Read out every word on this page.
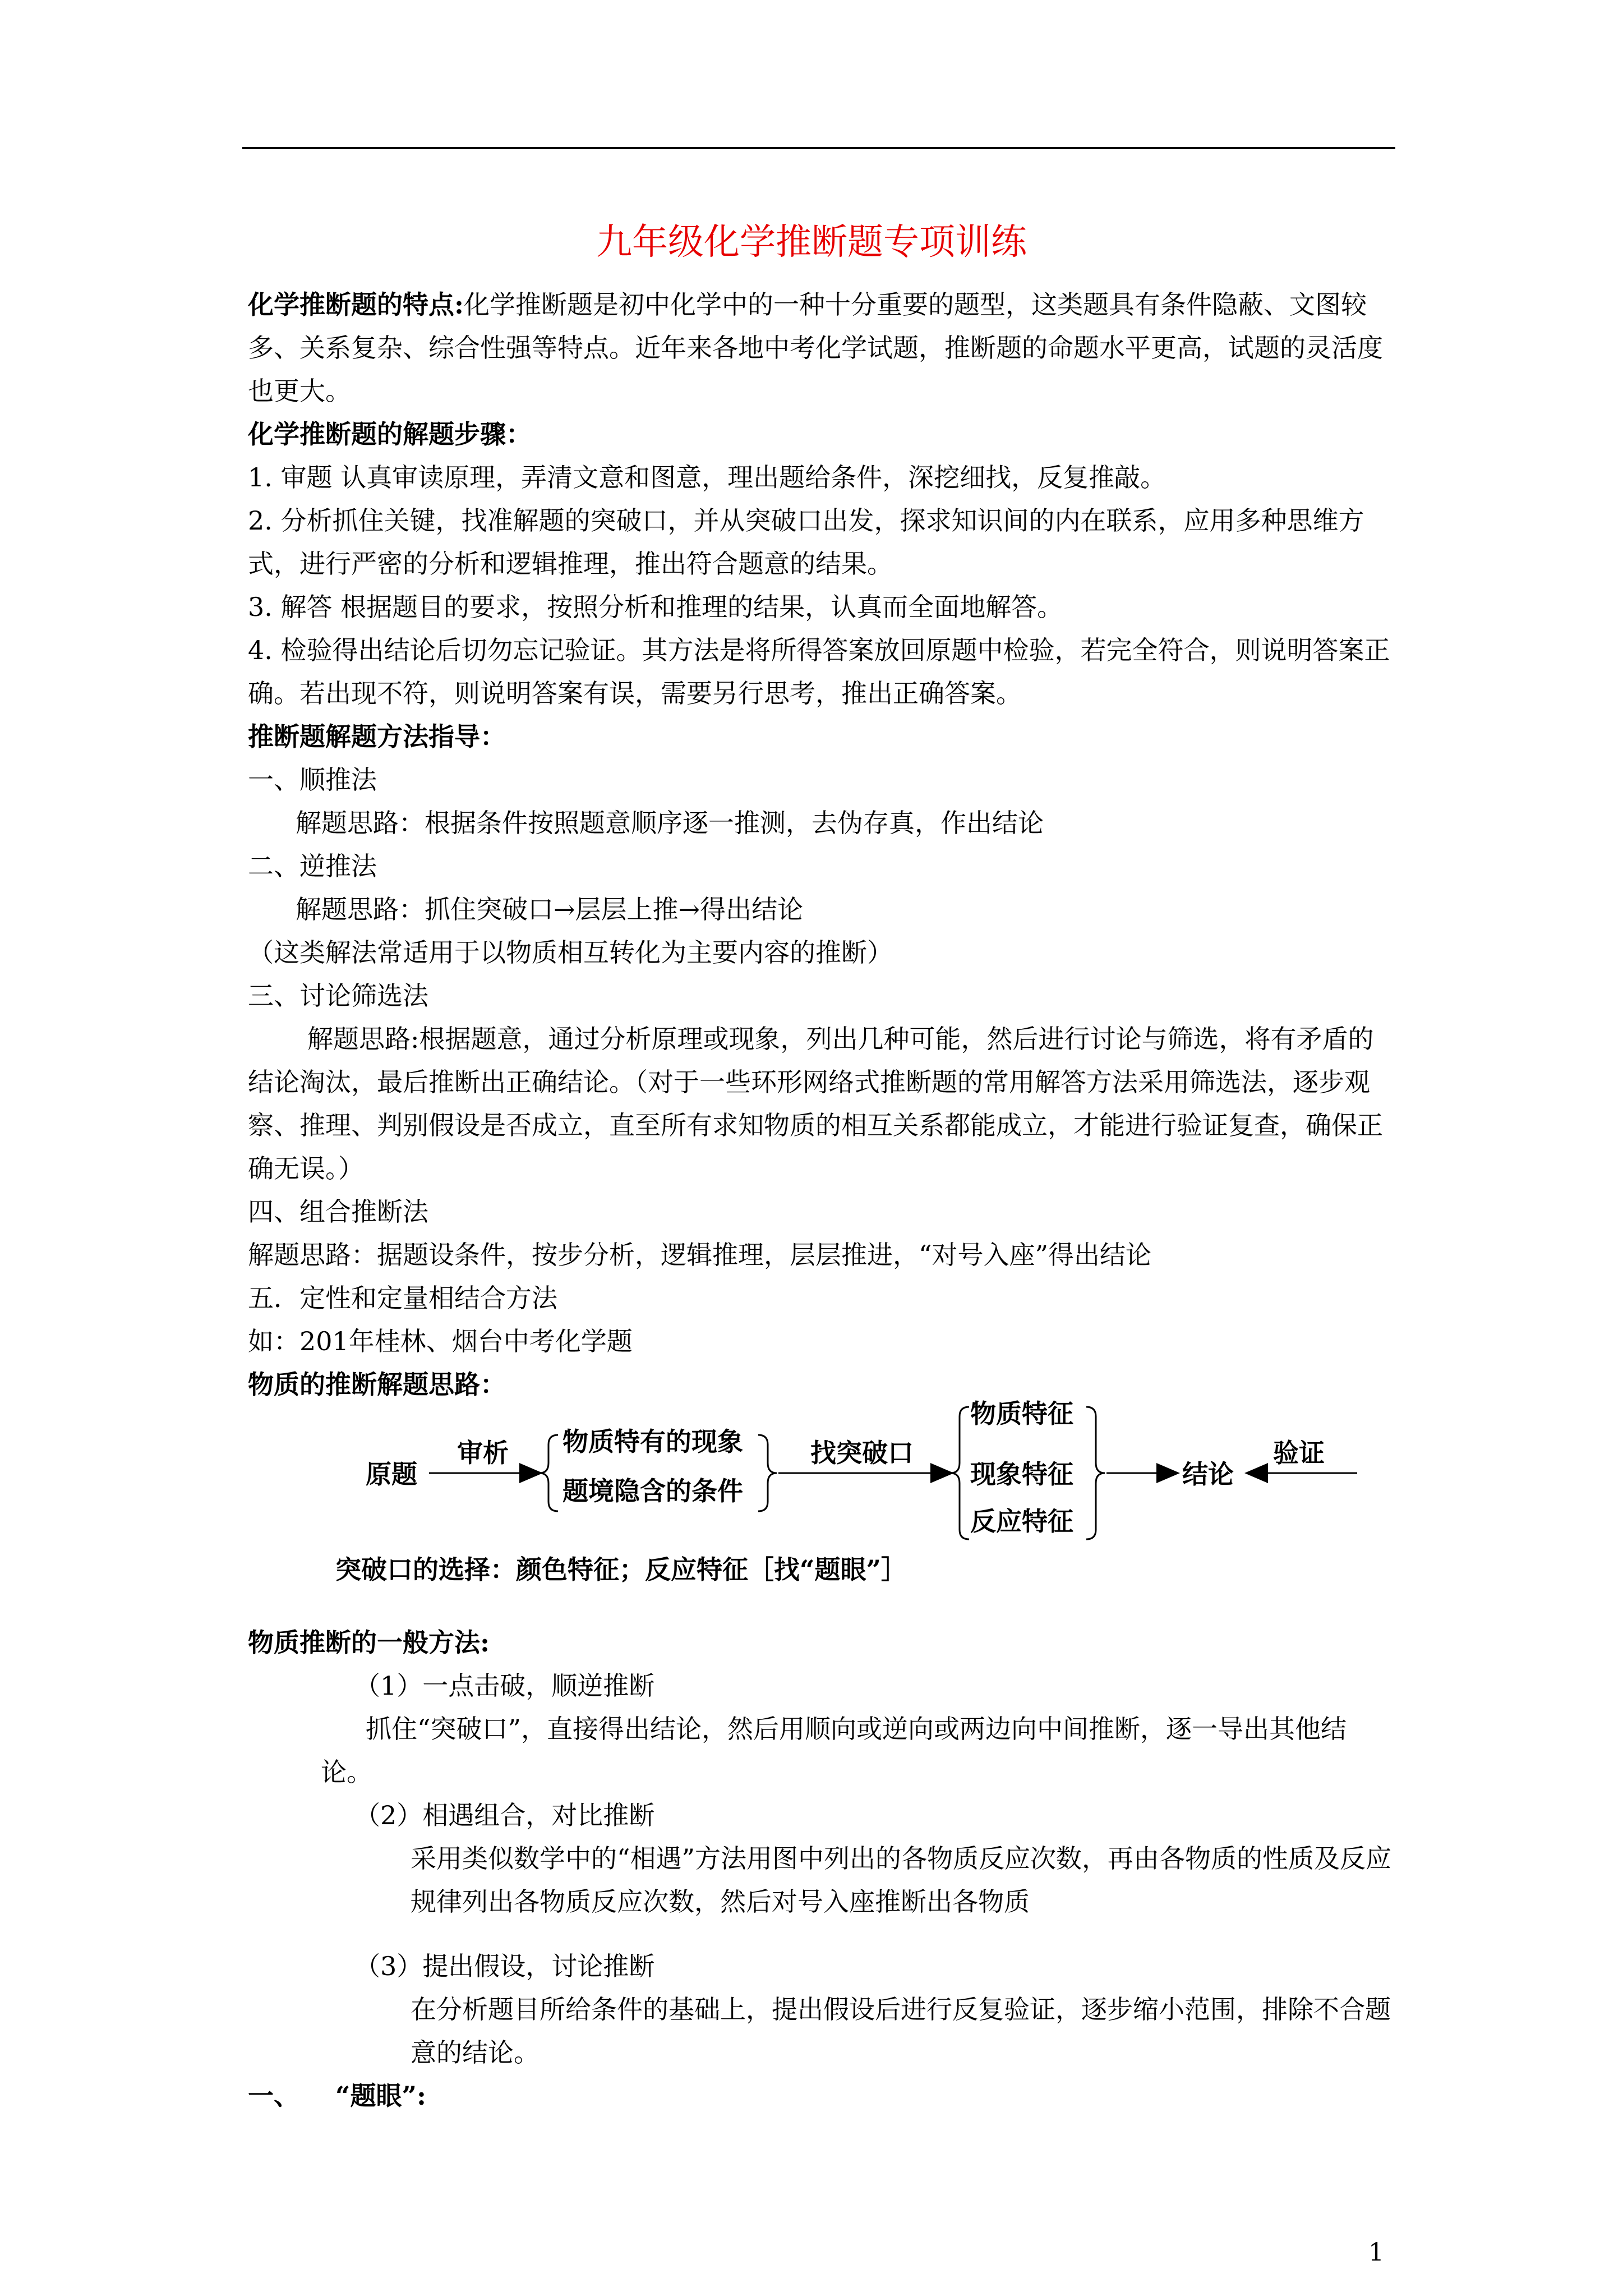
九年级化学推断题专项训练

化学推断题的特点:化学推断题是初中化学中的一种十分重要的题型，这类题具有条件隐蔽、文图较多、关系复杂、综合性强等特点。近年来各地中考化学试题，推断题的命题水平更高，试题的灵活度也更大。

化学推断题的解题步骤：

1. 审题 认真审读原理，弄清文意和图意，理出题给条件，深挖细找，反复推敲。

2. 分析抓住关键，找准解题的突破口，并从突破口出发，探求知识间的内在联系，应用多种思维方式，进行严密的分析和逻辑推理，推出符合题意的结果。

3. 解答 根据题目的要求，按照分析和推理的结果，认真而全面地解答。

4. 检验得出结论后切勿忘记验证。其方法是将所得答案放回原题中检验，若完全符合，则说明答案正确。若出现不符，则说明答案有误，需要另行思考，推出正确答案。

推断题解题方法指导：

一、顺推法

解题思路：根据条件按照题意顺序逐一推测，去伪存真，作出结论

二、逆推法

解题思路：抓住突破口→层层上推→得出结论

（这类解法常适用于以物质相互转化为主要内容的推断）

三、讨论筛选法

解题思路:根据题意，通过分析原理或现象，列出几种可能，然后进行讨论与筛选，将有矛盾的结论淘汰，最后推断出正确结论。（对于一些环形网络式推断题的常用解答方法采用筛选法，逐步观察、推理、判别假设是否成立，直至所有求知物质的相互关系都能成立，才能进行验证复查，确保正确无误。）

四、组合推断法

解题思路：据题设条件，按步分析，逻辑推理，层层推进，“对号入座”得出结论

五．定性和定量相结合方法

如：201年桂林、烟台中考化学题

物质的推断解题思路：

原题
审析 物质特有的现象
题境隐含的条件
找突破口
物质特征
现象特征
反应特征
结论
验证
突破口的选择：颜色特征；反应特征［找“题眼”］

物质推断的一般方法:

（1）一点击破，顺逆推断

抓住“突破口”，直接得出结论，然后用顺向或逆向或两边向中间推断，逐一导出其他结论。

（2）相遇组合，对比推断

采用类似数学中的“相遇”方法用图中列出的各物质反应次数，再由各物质的性质及反应规律列出各物质反应次数，然后对号入座推断出各物质

（3）提出假设，讨论推断

在分析题目所给条件的基础上，提出假设后进行反复验证，逐步缩小范围，排除不合题意的结论。

一、    “题眼”:

1
